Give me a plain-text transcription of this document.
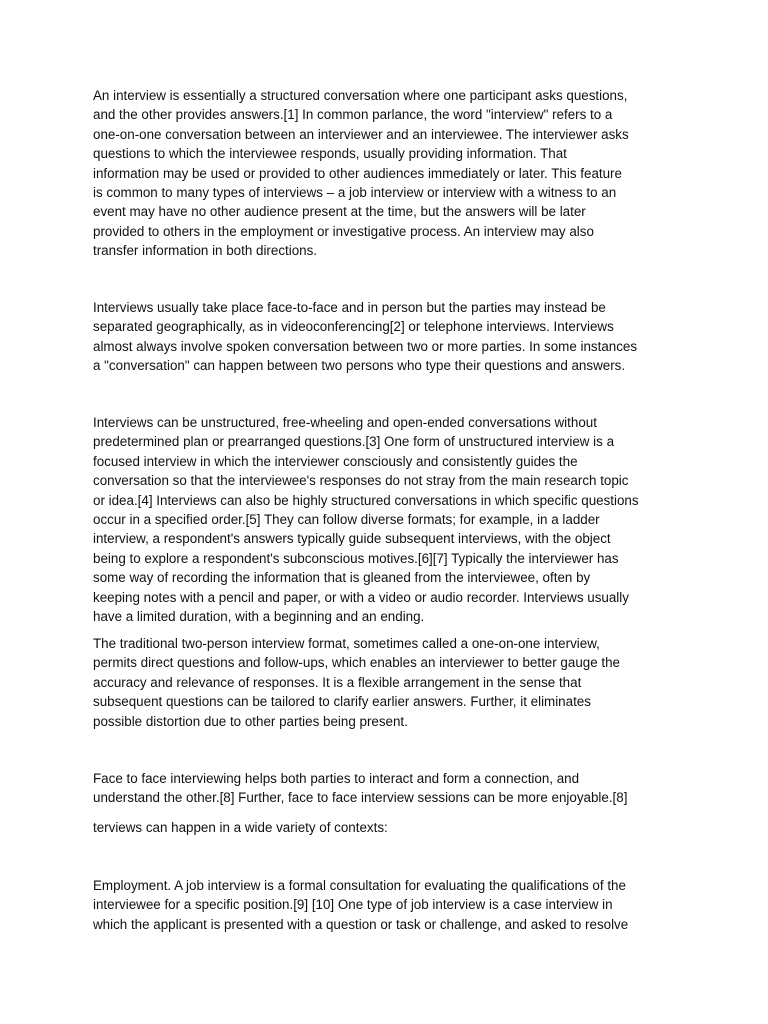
An interview is essentially a structured conversation where one participant asks questions,
and the other provides answers.[1] In common parlance, the word "interview" refers to a
one-on-one conversation between an interviewer and an interviewee. The interviewer asks
questions to which the interviewee responds, usually providing information. That
information may be used or provided to other audiences immediately or later. This feature
is common to many types of interviews – a job interview or interview with a witness to an
event may have no other audience present at the time, but the answers will be later
provided to others in the employment or investigative process. An interview may also
transfer information in both directions.
Interviews usually take place face-to-face and in person but the parties may instead be
separated geographically, as in videoconferencing[2] or telephone interviews. Interviews
almost always involve spoken conversation between two or more parties. In some instances
a "conversation" can happen between two persons who type their questions and answers.
Interviews can be unstructured, free-wheeling and open-ended conversations without
predetermined plan or prearranged questions.[3] One form of unstructured interview is a
focused interview in which the interviewer consciously and consistently guides the
conversation so that the interviewee's responses do not stray from the main research topic
or idea.[4] Interviews can also be highly structured conversations in which specific questions
occur in a specified order.[5] They can follow diverse formats; for example, in a ladder
interview, a respondent's answers typically guide subsequent interviews, with the object
being to explore a respondent's subconscious motives.[6][7] Typically the interviewer has
some way of recording the information that is gleaned from the interviewee, often by
keeping notes with a pencil and paper, or with a video or audio recorder. Interviews usually
have a limited duration, with a beginning and an ending.
The traditional two-person interview format, sometimes called a one-on-one interview,
permits direct questions and follow-ups, which enables an interviewer to better gauge the
accuracy and relevance of responses. It is a flexible arrangement in the sense that
subsequent questions can be tailored to clarify earlier answers. Further, it eliminates
possible distortion due to other parties being present.
Face to face interviewing helps both parties to interact and form a connection, and
understand the other.[8] Further, face to face interview sessions can be more enjoyable.[8]
terviews can happen in a wide variety of contexts:
Employment. A job interview is a formal consultation for evaluating the qualifications of the
interviewee for a specific position.[9] [10] One type of job interview is a case interview in
which the applicant is presented with a question or task or challenge, and asked to resolve
